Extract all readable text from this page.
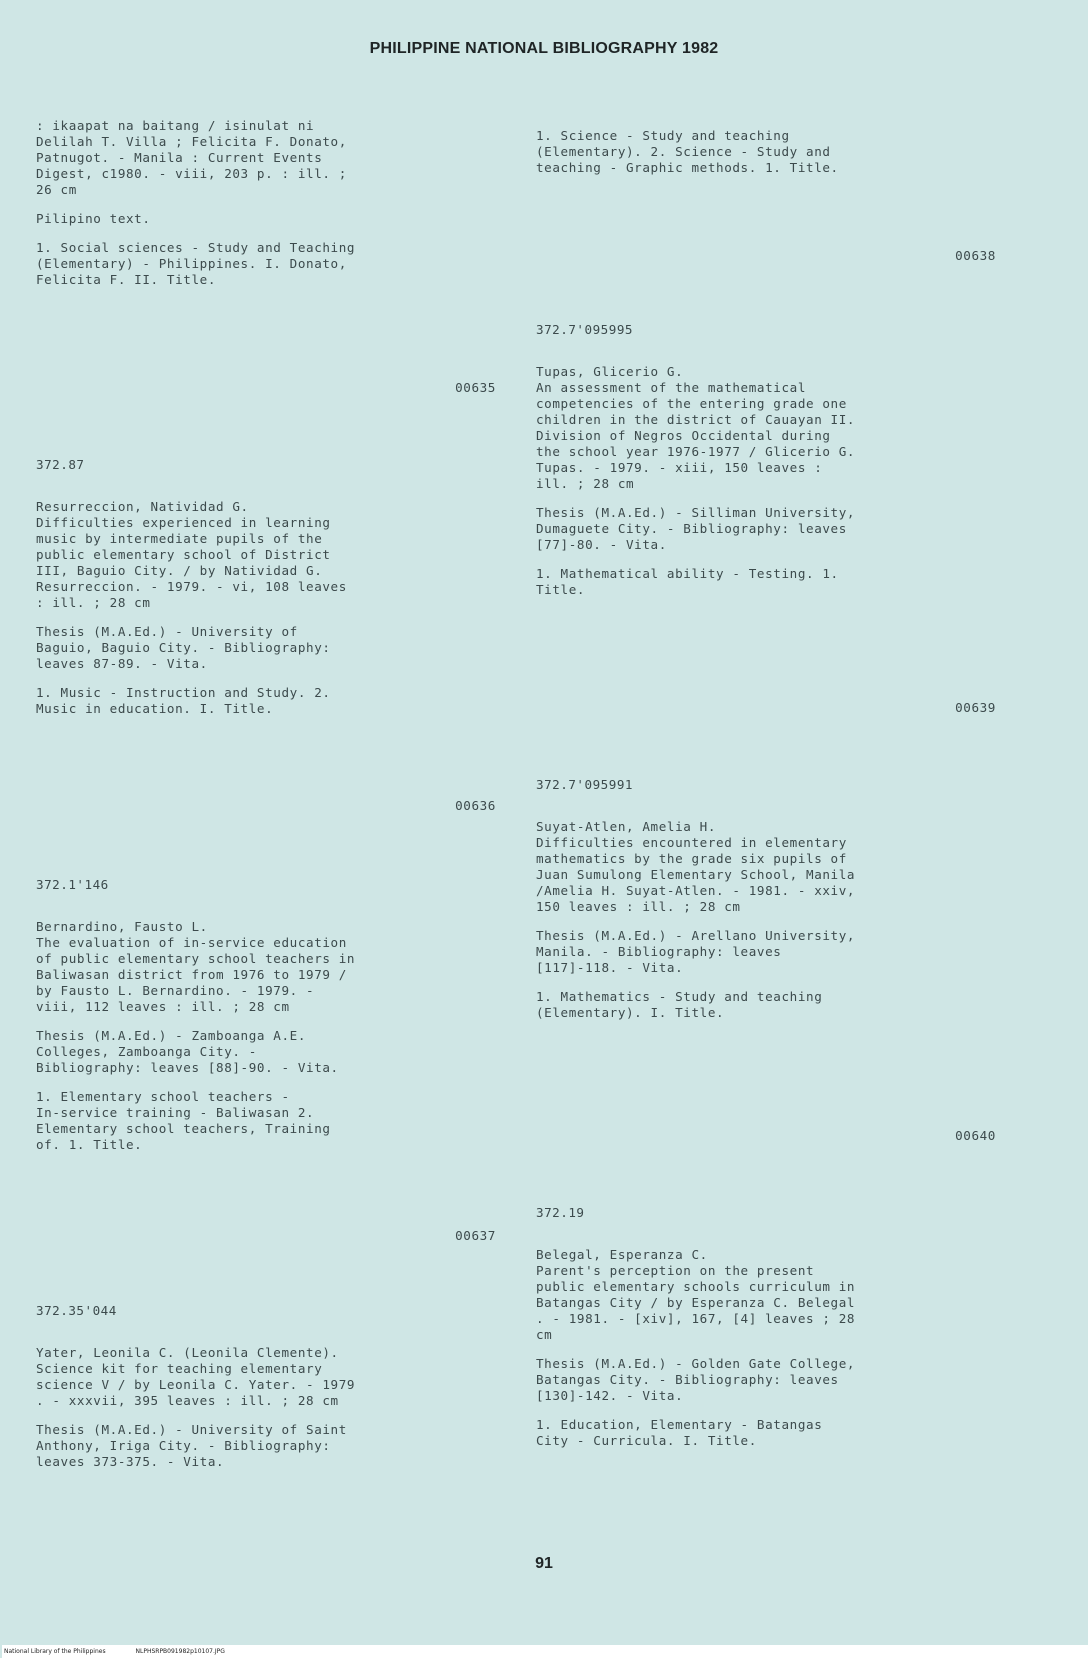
PHILIPPINE NATIONAL BIBLIOGRAPHY 1982

: ikaapat na baitang / isinulat ni
Delilah T. Villa ; Felicita F. Donato,
Patnugot. - Manila : Current Events
Digest, c1980. - viii, 203 p. : ill. ;
26 cm

Pilipino text.

1. Social sciences - Study and Teaching
(Elementary) - Philippines. I. Donato,
Felicita F. II. Title.

00635
372.87

Resurreccion, Natividad G.
Difficulties experienced in learning
music by intermediate pupils of the
public elementary school of District
III, Baguio City. / by Natividad G.
Resurreccion. - 1979. - vi, 108 leaves
: ill. ; 28 cm

Thesis (M.A.Ed.) - University of
Baguio, Baguio City. - Bibliography:
leaves 87-89. - Vita.

1. Music - Instruction and Study. 2.
Music in education. I. Title.

00636
372.1'146

Bernardino, Fausto L.
The evaluation of in-service education
of public elementary school teachers in
Baliwasan district from 1976 to 1979 /
by Fausto L. Bernardino. - 1979. -
viii, 112 leaves : ill. ; 28 cm

Thesis (M.A.Ed.) - Zamboanga A.E.
Colleges, Zamboanga City. -
Bibliography: leaves [88]-90. - Vita.

1. Elementary school teachers -
In-service training - Baliwasan 2.
Elementary school teachers, Training
of. 1. Title.

00637
372.35'044

Yater, Leonila C. (Leonila Clemente).
Science kit for teaching elementary
science V / by Leonila C. Yater. - 1979
. - xxxvii, 395 leaves : ill. ; 28 cm

Thesis (M.A.Ed.) - University of Saint
Anthony, Iriga City. - Bibliography:
leaves 373-375. - Vita.

1. Science - Study and teaching
(Elementary). 2. Science - Study and
teaching - Graphic methods. 1. Title.

00638
372.7'095995

Tupas, Glicerio G.
An assessment of the mathematical
competencies of the entering grade one
children in the district of Cauayan II.
Division of Negros Occidental during
the school year 1976-1977 / Glicerio G.
Tupas. - 1979. - xiii, 150 leaves :
ill. ; 28 cm

Thesis (M.A.Ed.) - Silliman University,
Dumaguete City. - Bibliography: leaves
[77]-80. - Vita.

1. Mathematical ability - Testing. 1.
Title.

00639
372.7'095991

Suyat-Atlen, Amelia H.
Difficulties encountered in elementary
mathematics by the grade six pupils of
Juan Sumulong Elementary School, Manila
/Amelia H. Suyat-Atlen. - 1981. - xxiv,
150 leaves : ill. ; 28 cm

Thesis (M.A.Ed.) - Arellano University,
Manila. - Bibliography: leaves
[117]-118. - Vita.

1. Mathematics - Study and teaching
(Elementary). I. Title.

00640
372.19

Belegal, Esperanza C.
Parent's perception on the present
public elementary schools curriculum in
Batangas City / by Esperanza C. Belegal
. - 1981. - [xiv], 167, [4] leaves ; 28
cm

Thesis (M.A.Ed.) - Golden Gate College,
Batangas City. - Bibliography: leaves
[130]-142. - Vita.

1. Education, Elementary - Batangas
City - Curricula. I. Title.

91
National Library of the Philippines	NLPHSRPB091982p10107.JPG
